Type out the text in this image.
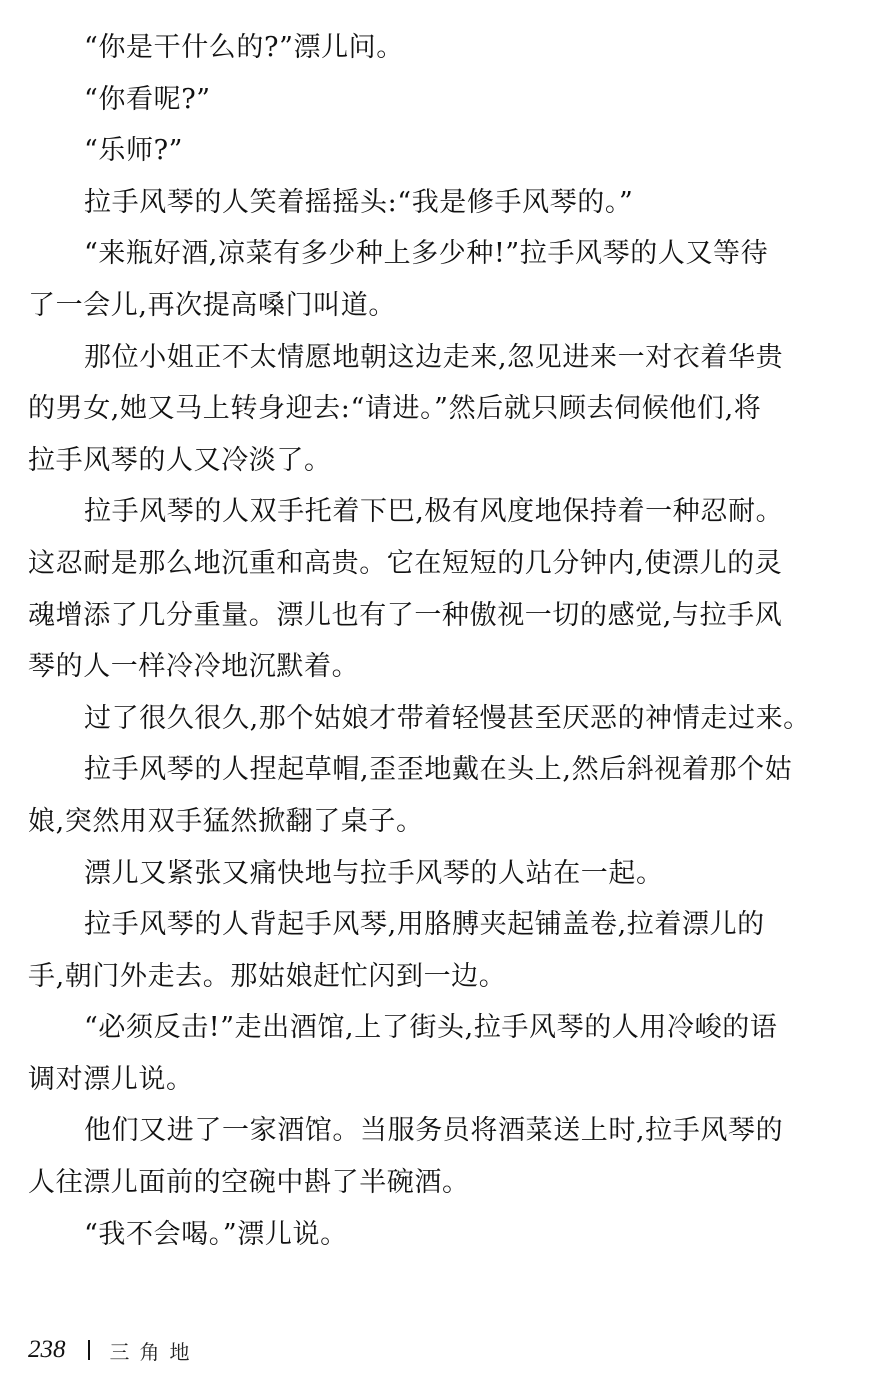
“你是干什么的?”漂儿问。
“你看呢?”
“乐师?”
拉手风琴的人笑着摇摇头:“我是修手风琴的。”
“来瓶好酒,凉菜有多少种上多少种!”拉手风琴的人又等待
了一会儿,再次提高嗓门叫道。
那位小姐正不太情愿地朝这边走来,忽见进来一对衣着华贵
的男女,她又马上转身迎去:“请进。”然后就只顾去伺候他们,将
拉手风琴的人又冷淡了。
拉手风琴的人双手托着下巴,极有风度地保持着一种忍耐。
这忍耐是那么地沉重和高贵。它在短短的几分钟内,使漂儿的灵
魂增添了几分重量。漂儿也有了一种傲视一切的感觉,与拉手风
琴的人一样冷冷地沉默着。
过了很久很久,那个姑娘才带着轻慢甚至厌恶的神情走过来。
拉手风琴的人捏起草帽,歪歪地戴在头上,然后斜视着那个姑
娘,突然用双手猛然掀翻了桌子。
漂儿又紧张又痛快地与拉手风琴的人站在一起。
拉手风琴的人背起手风琴,用胳膊夹起铺盖卷,拉着漂儿的
手,朝门外走去。那姑娘赶忙闪到一边。
“必须反击!”走出酒馆,上了街头,拉手风琴的人用冷峻的语
调对漂儿说。
他们又进了一家酒馆。当服务员将酒菜送上时,拉手风琴的
人往漂儿面前的空碗中斟了半碗酒。
“我不会喝。”漂儿说。
238 三角地
